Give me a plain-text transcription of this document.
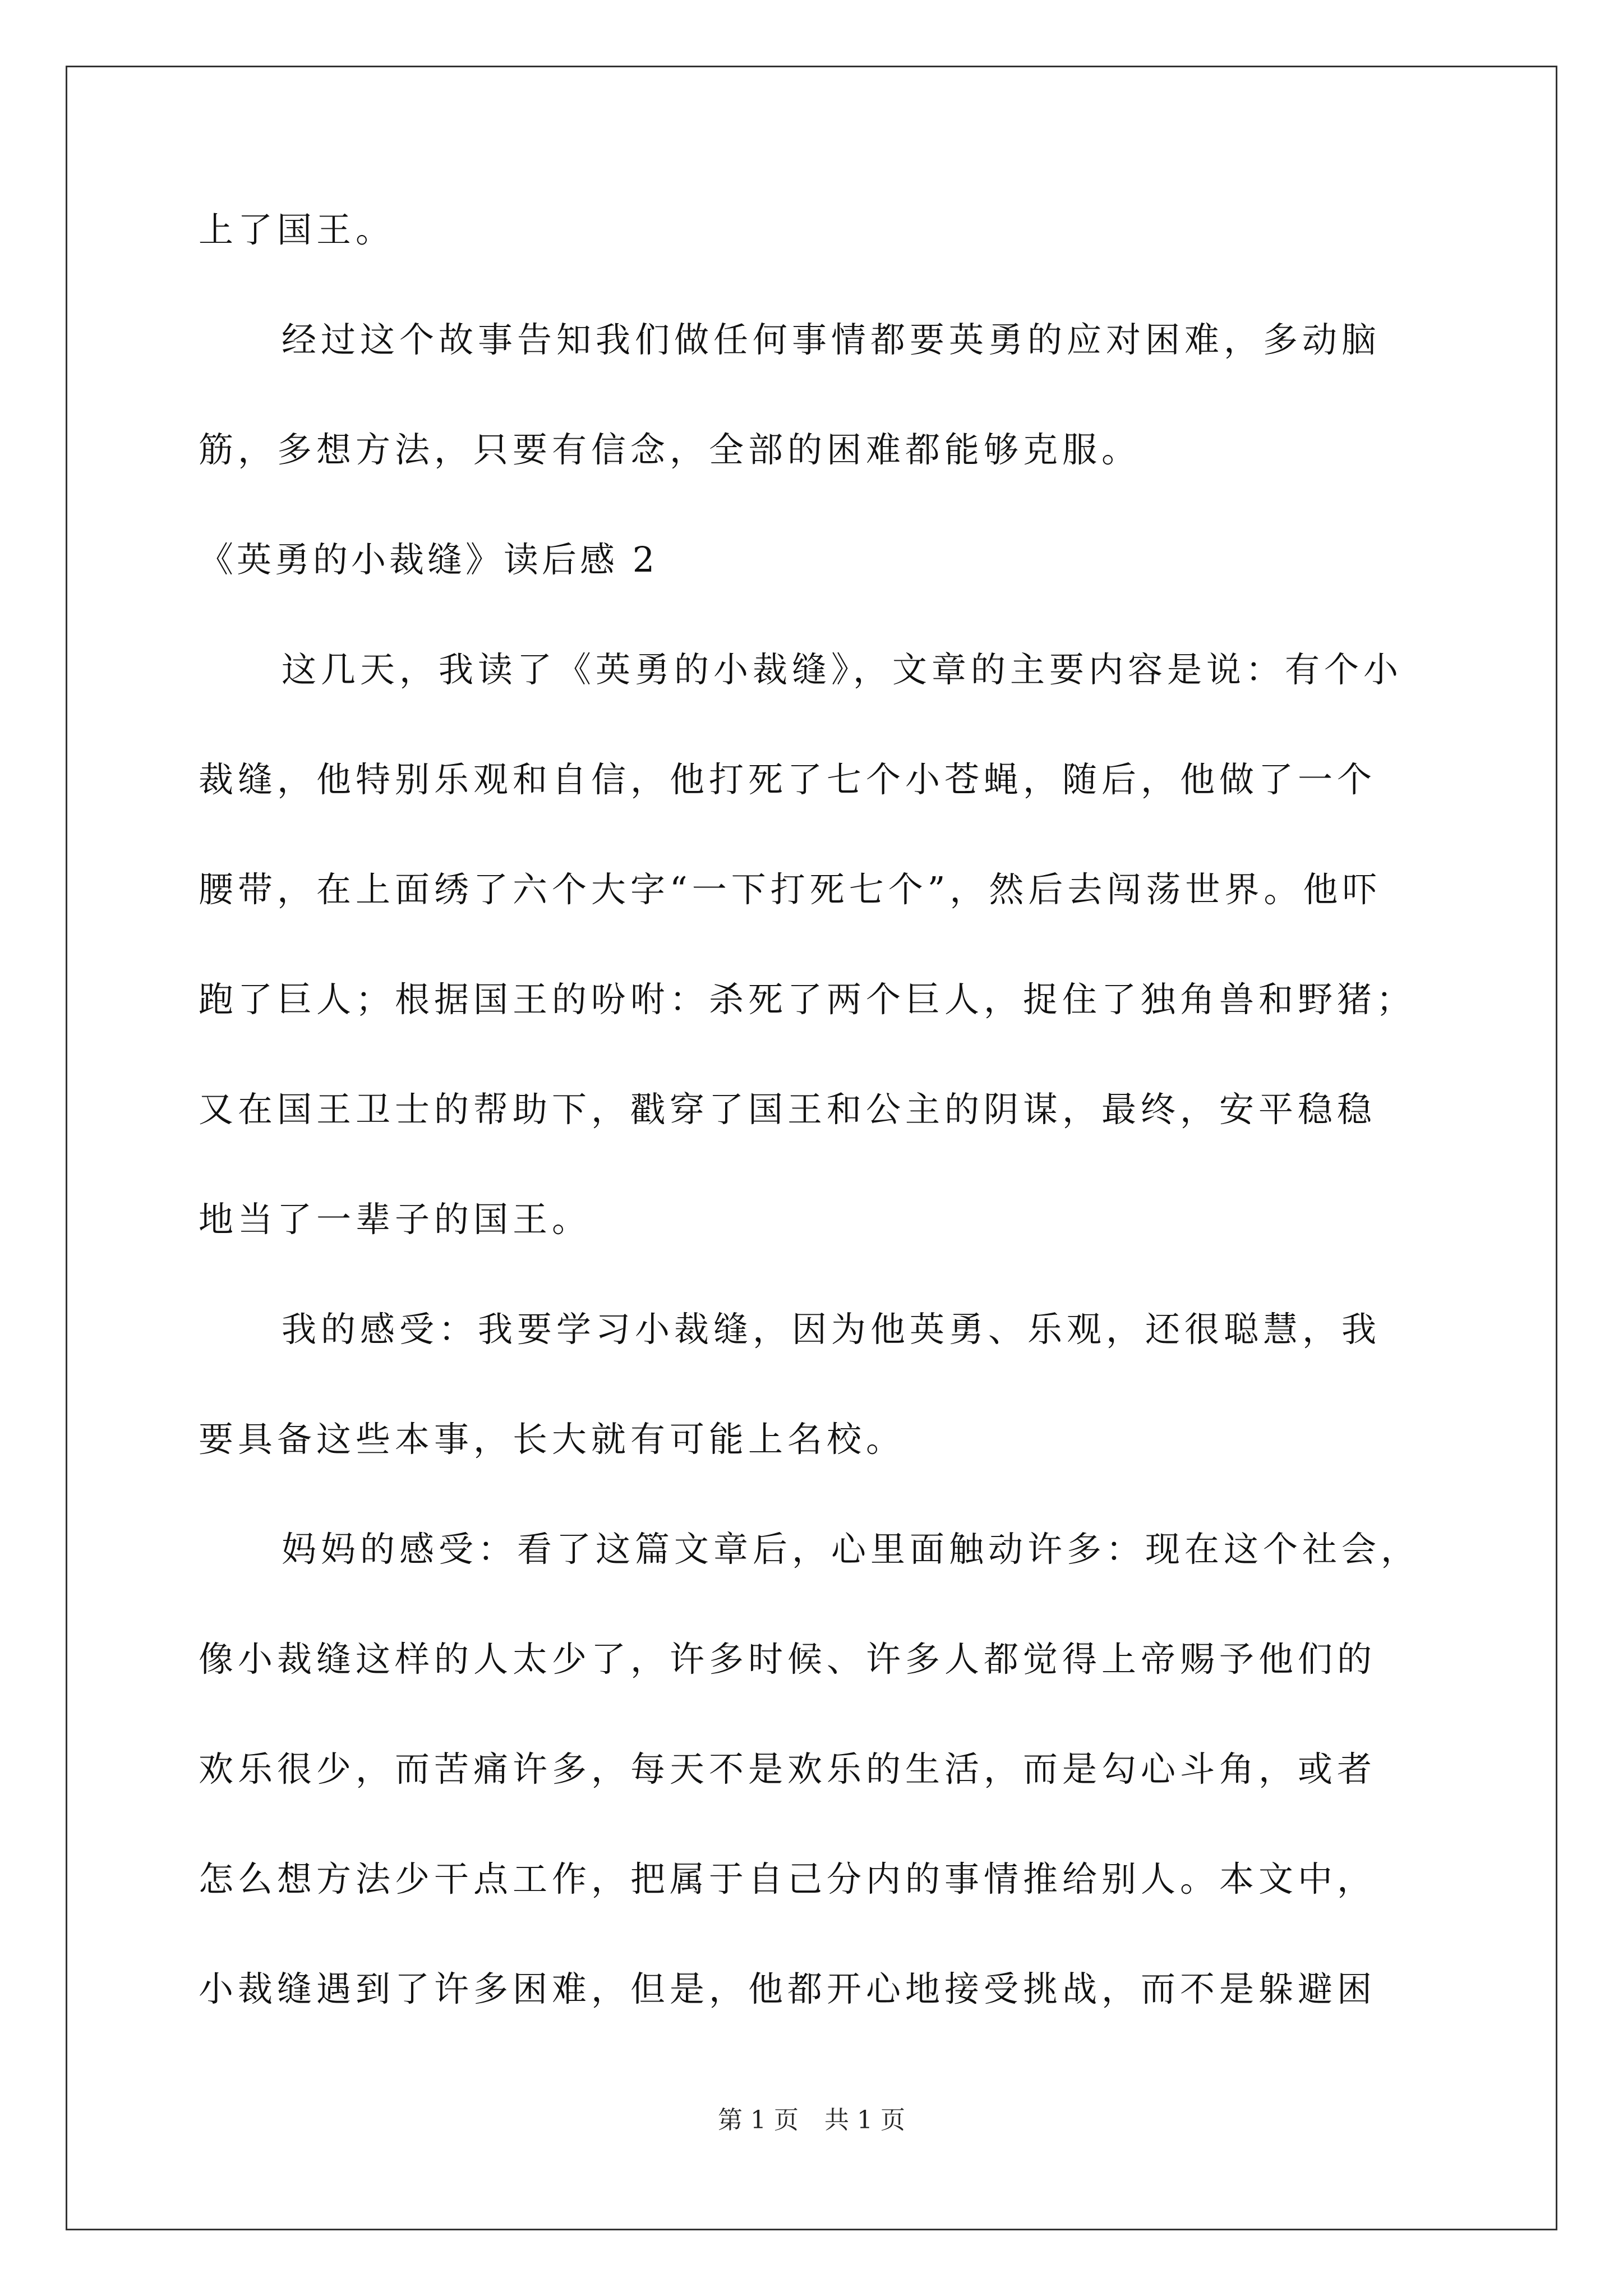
上了国王。
经过这个故事告知我们做任何事情都要英勇的应对困难，多动脑
筋，多想方法，只要有信念，全部的困难都能够克服。
《英勇的小裁缝》读后感 2
这几天，我读了《英勇的小裁缝》，文章的主要内容是说：有个小
裁缝，他特别乐观和自信，他打死了七个小苍蝇，随后，他做了一个
腰带，在上面绣了六个大字“一下打死七个”，然后去闯荡世界。他吓
跑了巨人；根据国王的吩咐：杀死了两个巨人，捉住了独角兽和野猪；
又在国王卫士的帮助下，戳穿了国王和公主的阴谋，最终，安平稳稳
地当了一辈子的国王。
我的感受：我要学习小裁缝，因为他英勇、乐观，还很聪慧，我
要具备这些本事，长大就有可能上名校。
妈妈的感受：看了这篇文章后，心里面触动许多：现在这个社会，
像小裁缝这样的人太少了，许多时候、许多人都觉得上帝赐予他们的
欢乐很少，而苦痛许多，每天不是欢乐的生活，而是勾心斗角，或者
怎么想方法少干点工作，把属于自己分内的事情推给别人。本文中，
小裁缝遇到了许多困难，但是，他都开心地接受挑战，而不是躲避困
第 1 页 共 1 页
